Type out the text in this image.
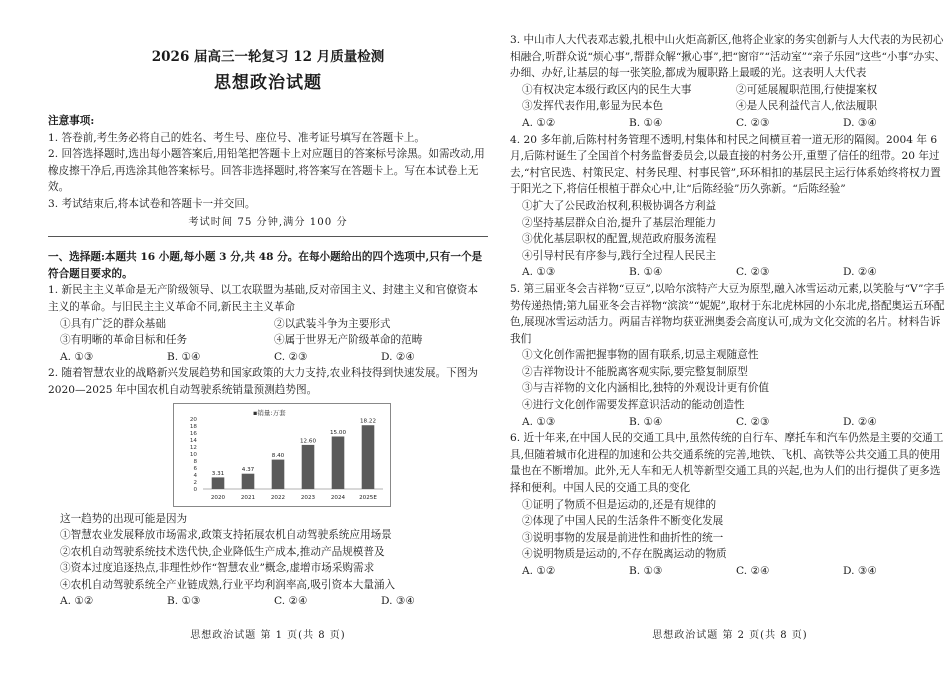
2026 届高三一轮复习 12 月质量检测
思想政治试题
注意事项:

1. 答卷前,考生务必将自己的姓名、考生号、座位号、准考证号填写在答题卡上。

2. 回答选择题时,选出每小题答案后,用铅笔把答题卡上对应题目的答案标号涂黑。如需改动,用橡皮擦干净后,再选涂其他答案标号。回答非选择题时,将答案写在答题卡上。写在本试卷上无效。

3. 考试结束后,将本试卷和答题卡一并交回。

考试时间 75 分钟,满分 100 分

一、选择题:本题共 16 小题,每小题 3 分,共 48 分。在每小题给出的四个选项中,只有一个是符合题目要求的。

1. 新民主主义革命是无产阶级领导、以工农联盟为基础,反对帝国主义、封建主义和官僚资本主义的革命。与旧民主主义革命不同,新民主主义革命

①具有广泛的群众基础	②以武装斗争为主要形式
③有明晰的革命目标和任务	④属于世界无产阶级革命的范畴
A. ①③	B. ①④	C. ②③	D. ②④

2. 随着智慧农业的战略新兴发展趋势和国家政策的大力支持,农业科技得到快速发展。下图为 2020—2025 年中国农机自动驾驶系统销量预测趋势图。

▪销量:万套
20
18
16
14
12
10
8
6
4
2
0
3.31
2020
4.37
2021
8.40
2022
12.60
2023
15.00
2024
18.22
2025E

这一趋势的出现可能是因为

①智慧农业发展释放市场需求,政策支持拓展农机自动驾驶系统应用场景
②农机自动驾驶系统技术迭代快,企业降低生产成本,推动产品规模普及
③资本过度追逐热点,非理性炒作“智慧农业”概念,虚增市场采购需求
④农机自动驾驶系统全产业链成熟,行业平均利润率高,吸引资本大量涌入
A. ①②	B. ①③	C. ②④	D. ③④
思想政治试题 第 1 页(共 8 页)

3. 中山市人大代表邓志毅,扎根中山火炬高新区,他将企业家的务实创新与人大代表的为民初心相融合,听群众说“烦心事”,帮群众解“揪心事”,把“窗帘”“活动室”“亲子乐园”这些“小事”办实、办细、办好,让基层的每一张笑脸,都成为履职路上最暖的光。这表明人大代表

①有权决定本级行政区内的民生大事	②可延展履职范围,行使提案权
③发挥代表作用,彰显为民本色	④是人民利益代言人,依法履职
A. ①②	B. ①④	C. ②③	D. ③④

4. 20 多年前,后陈村村务管理不透明,村集体和村民之间横亘着一道无形的隔阂。2004 年 6 月,后陈村诞生了全国首个村务监督委员会,以最直接的村务公开,重塑了信任的纽带。20 年过去,“村官民选、村策民定、村务民理、村事民管”,环环相扣的基层民主运行体系始终将权力置于阳光之下,将信任根植于群众心中,让“后陈经验”历久弥新。“后陈经验”

①扩大了公民政治权利,积极协调各方利益
②坚持基层群众自治,提升了基层治理能力
③优化基层职权的配置,规范政府服务流程
④引导村民有序参与,践行全过程人民民主
A. ①③	B. ①④	C. ②③	D. ②④

5. 第三届亚冬会吉祥物“豆豆”,以哈尔滨特产大豆为原型,融入冰雪运动元素,以笑脸与“V”字手势传递热情;第九届亚冬会吉祥物“滨滨”“妮妮”,取材于东北虎林园的小东北虎,搭配奥运五环配色,展现冰雪运动活力。两届吉祥物均获亚洲奥委会高度认可,成为文化交流的名片。材料告诉我们

①文化创作需把握事物的固有联系,切忌主观随意性
②吉祥物设计不能脱离客观实际,要完整复制原型
③与吉祥物的文化内涵相比,独特的外观设计更有价值
④进行文化创作需要发挥意识活动的能动创造性
A. ①③	B. ①④	C. ②③	D. ②④

6. 近十年来,在中国人民的交通工具中,虽然传统的自行车、摩托车和汽车仍然是主要的交通工具,但随着城市化进程的加速和公共交通系统的完善,地铁、飞机、高铁等公共交通工具的使用量也在不断增加。此外,无人车和无人机等新型交通工具的兴起,也为人们的出行提供了更多选择和便利。中国人民的交通工具的变化

①证明了物质不但是运动的,还是有规律的
②体现了中国人民的生活条件不断变化发展
③说明事物的发展是前进性和曲折性的统一
④说明物质是运动的,不存在脱离运动的物质
A. ①②	B. ①③	C. ②④	D. ③④
思想政治试题 第 2 页(共 8 页)
